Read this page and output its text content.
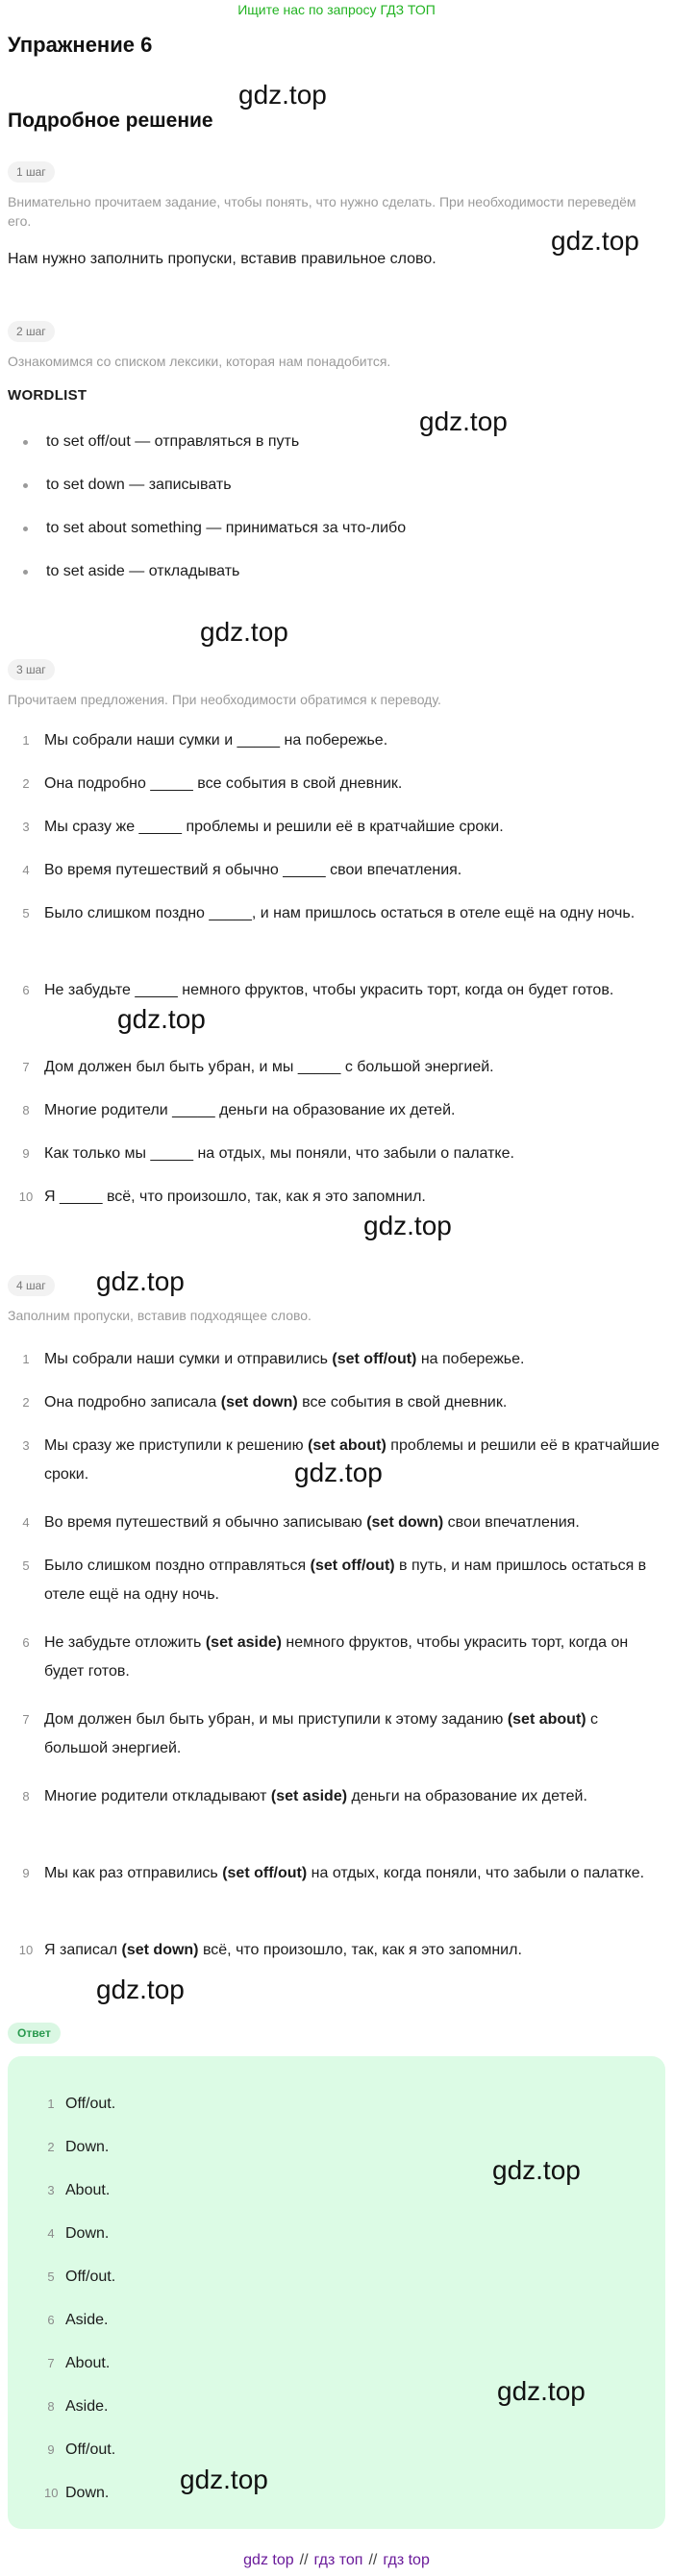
Ищите нас по запросу ГДЗ ТОП
Упражнение 6
Подробное решение
1 шаг
Внимательно прочитаем задание, чтобы понять, что нужно сделать. При необходимости переведём его.
Нам нужно заполнить пропуски, вставив правильное слово.
2 шаг
Ознакомимся со списком лексики, которая нам понадобится.
WORDLIST
to set off/out — отправляться в путь
to set down — записывать
to set about something — приниматься за что-либо
to set aside — откладывать
3 шаг
Прочитаем предложения. При необходимости обратимся к переводу.
1 Мы собрали наши сумки и _____ на побережье.
2 Она подробно _____ все события в свой дневник.
3 Мы сразу же _____ проблемы и решили её в кратчайшие сроки.
4 Во время путешествий я обычно _____ свои впечатления.
5 Было слишком поздно _____, и нам пришлось остаться в отеле ещё на одну ночь.
6 Не забудьте _____ немного фруктов, чтобы украсить торт, когда он будет готов.
7 Дом должен был быть убран, и мы _____ с большой энергией.
8 Многие родители _____ деньги на образование их детей.
9 Как только мы _____ на отдых, мы поняли, что забыли о палатке.
10 Я _____ всё, что произошло, так, как я это запомнил.
4 шаг
Заполним пропуски, вставив подходящее слово.
1 Мы собрали наши сумки и отправились (set off/out) на побережье.
2 Она подробно записала (set down) все события в свой дневник.
3 Мы сразу же приступили к решению (set about) проблемы и решили её в кратчайшие сроки.
4 Во время путешествий я обычно записываю (set down) свои впечатления.
5 Было слишком поздно отправляться (set off/out) в путь, и нам пришлось остаться в отеле ещё на одну ночь.
6 Не забудьте отложить (set aside) немного фруктов, чтобы украсить торт, когда он будет готов.
7 Дом должен был быть убран, и мы приступили к этому заданию (set about) с большой энергией.
8 Многие родители откладывают (set aside) деньги на образование их детей.
9 Мы как раз отправились (set off/out) на отдых, когда поняли, что забыли о палатке.
10 Я записал (set down) всё, что произошло, так, как я это запомнил.
Ответ
1 Off/out.
2 Down.
3 About.
4 Down.
5 Off/out.
6 Aside.
7 About.
8 Aside.
9 Off/out.
10 Down.
gdz.top
gdz.top
gdz.top
gdz.top
gdz.top
gdz.top
gdz.top
gdz.top
gdz.top
gdz.top
gdz.top
gdz.top
gdz top // гдз топ // гдз top
